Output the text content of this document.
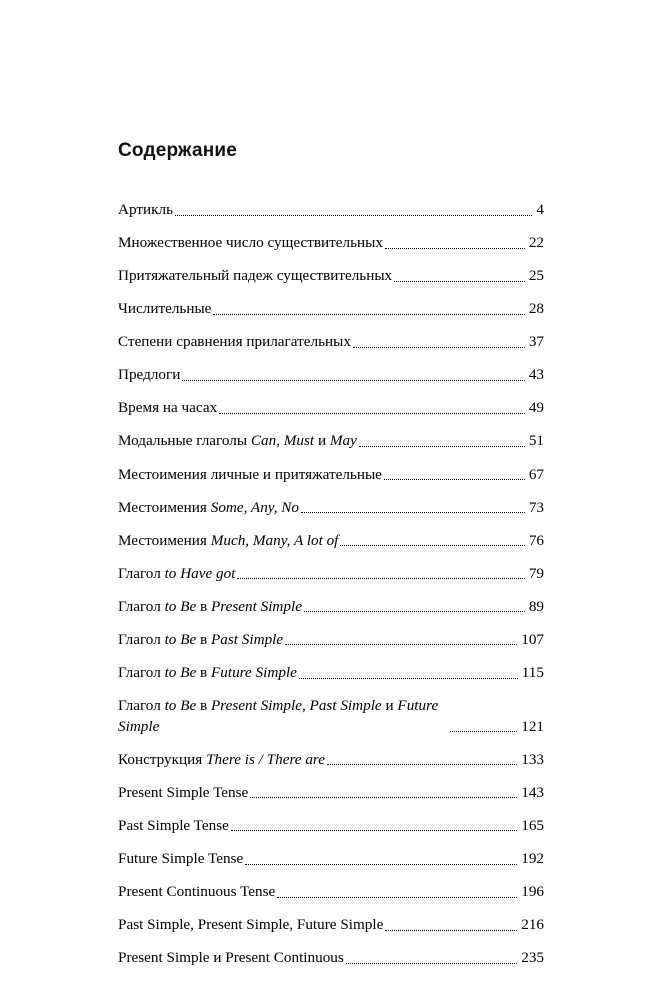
Содержание
Артикль	4
Множественное число существительных	22
Притяжательный падеж существительных	25
Числительные	28
Степени сравнения прилагательных	37
Предлоги	43
Время на часах	49
Модальные глаголы Can, Must и May	51
Местоимения личные и притяжательные	67
Местоимения Some, Any, No	73
Местоимения Much, Many, A lot of	76
Глагол to Have got	79
Глагол to Be в Present Simple	89
Глагол to Be в Past Simple	107
Глагол to Be в Future Simple	115
Глагол to Be в Present Simple, Past Simple и Future Simple	121
Конструкция There is / There are	133
Present Simple Tense	143
Past Simple Tense	165
Future Simple Tense	192
Present Continuous Tense	196
Past Simple, Present Simple, Future Simple	216
Present Simple и Present Continuous	235
